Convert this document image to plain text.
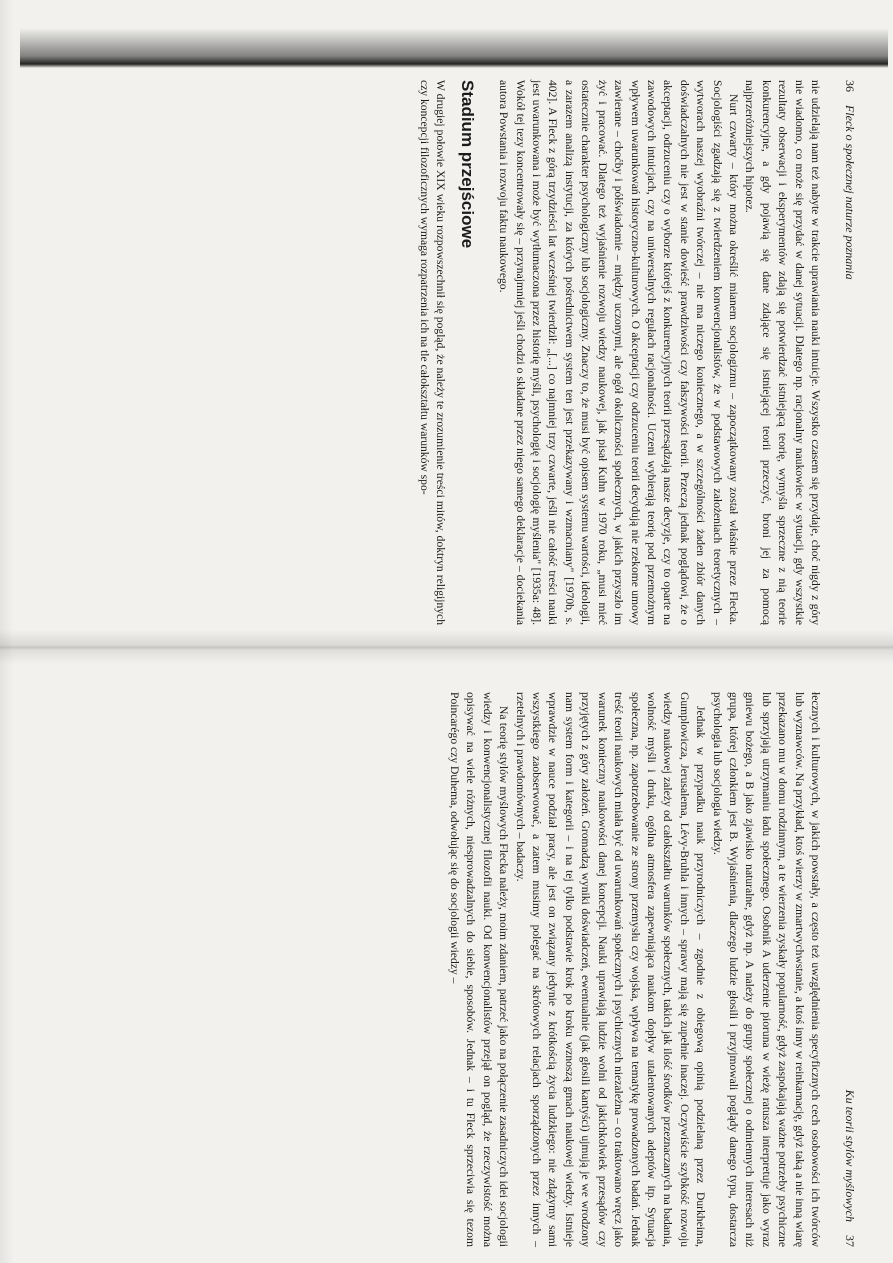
36 Fleck o społecznej naturze poznania

nie udzielają nam też nabyte w trakcie uprawiania nauki intuicje. Wszystko czasem się przydaje, choć nigdy z góry nie wiadomo, co może się przydać w danej sytuacji. Dlatego np. racjonalny naukowiec w sytuacji, gdy wszystkie rezultaty obserwacji i eksperymentów zdają się potwierdzać istniejącą teorię, wymyśla sprzeczne z nią teorie konkurencyjne, a gdy pojawią się dane zdające się istniejącej teorii przeczyć, broni jej za pomocą najprzeróżniejszych hipotez.

Nurt czwarty – który można określić mianem socjologizmu – zapoczątkowany został właśnie przez Flecka. Socjologiści zgadzają się z twierdzeniem konwencjonalistów, że w podstawowych założeniach teoretycznych – wytworach naszej wyobraźni twórczej – nie ma niczego koniecznego, a w szczególności żaden zbiór danych doświadczalnych nie jest w stanie dowieść prawdziwości czy fałszywości teorii. Przeczą jednak poglądowi, że o akceptacji, odrzuceniu czy o wyborze którejś z konkurencyjnych teorii przesądzają nasze decyzje, czy to oparte na zawodowych intuicjach, czy na uniwersalnych regułach racjonalności. Uczeni wybierają teorię pod przemożnym wpływem uwarunkowań historyczno-kulturowych. O akceptacji czy odrzuceniu teorii decydują nie rzekome umowy zawierane – choćby i półświadomie – między uczonymi, ale ogół okoliczności społecznych, w jakich przyszło im żyć i pracować. Dlatego też wyjaśnienie rozwoju wiedzy naukowej, jak pisał Kuhn w 1970 roku, „musi mieć ostatecznie charakter psychologiczny lub socjologiczny. Znaczy to, że musi być opisem systemu wartości, ideologii, a zarazem analizą instytucji, za których pośrednictwem system ten jest przekazywany i wzmacniany" [1970b, s. 402]. A Fleck z górą trzydzieści lat wcześniej twierdził: „[...] co najmniej trzy czwarte, jeśli nie całość treści nauki jest uwarunkowana i może być wytłumaczona przez historię myśli, psychologię i socjologię myślenia" [1935a: 48]. Wokół tej tezy koncentrowały się – przynajmniej jeśli chodzi o składane przez niego samego deklaracje – dociekania autora Powstania i rozwoju faktu naukowego.

Stadium przejściowe

W drugiej połowie XIX wieku rozpowszechnił się pogląd, że należy te zrozumienie treści mitów, doktryn religijnych czy koncepcji filozoficznych wymaga rozpatrzenia ich na tle całokształtu warunków spo-

Ku teorii stylów myślowych 37

łecznych i kulturowych, w jakich powstały, a często też uwzględnienia specyficznych cech osobowości ich twórców lub wyznawców. Na przykład, ktoś wierzy w zmartwychwstanie, a ktoś inny w reinkarnację, gdyż taką a nie inną wiarę przekazano mu w domu rodzinnym, a te wierzenia zyskały popularność, gdyż zaspokajają ważne potrzeby psychiczne lub sprzyjają utrzymaniu ładu społecznego. Osobnik A uderzenie pioruna w wieżę ratusza interpretuje jako wyraz gniewu bożego, a B jako zjawisko naturalne, gdyż np. A należy do grupy społecznej o odmiennych interesach niż grupa, której członkiem jest B. Wyjaśnienia, dlaczego ludzie głosili i przyjmowali poglądy danego typu, dostarcza psychologia lub socjologia wiedzy.

Jednak w przypadku nauk przyrodniczych – zgodnie z obiegową opinią podzielaną przez Durkheima, Gumplowicza, Jerusalema, Lévy-Bruhla i innych – sprawy mają się zupełnie inaczej. Oczywiście szybkość rozwoju wiedzy naukowej zależy od całokształtu warunków społecznych, takich jak ilość środków przeznaczanych na badania, wolność myśli i druku, ogólna atmosfera zapewniająca naukom dopływ utalentowanych adeptów itp. Sytuacja społeczna, np. zapotrzebowanie ze strony przemysłu czy wojska, wpływa na tematykę prowadzonych badań. Jednak treść teorii naukowych miała być od uwarunkowań społecznych i psychicznych niezależna – co traktowano wręcz jako warunek konieczny naukowości danej koncepcji. Nauki uprawiają ludzie wolni od jakichkolwiek przesądów czy przyjętych z góry założeń. Gromadzą wyniki doświadczeń, ewentualnie (jak głosili kantyści) ujmują je we wrodzony nam system form i kategorii – i na tej tylko podstawie krok po kroku wznoszą gmach naukowej wiedzy. Istnieje wprawdzie w nauce podział pracy, ale jest on związany jedynie z krótkością życia ludzkiego: nie zdążymy sami wszystkiego zaobserwować, a zatem musimy polegać na skrótowych relacjach sporządzonych przez innych – rzetelnych i prawdomównych – badaczy.

Na teorię stylów myślowych Flecka należy, moim zdaniem, patrzeć jako na połączenie zasadniczych idei socjologii wiedzy i konwencjonalistycznej filozofii nauki. Od konwencjonalistów przejął on pogląd, że rzeczywistość można opisywać na wiele różnych, niesprowadzalnych do siebie, sposobów. Jednak – i tu Fleck sprzeciwia się tezom Poincarégo czy Duhema, odwołując się do socjologii wiedzy –
